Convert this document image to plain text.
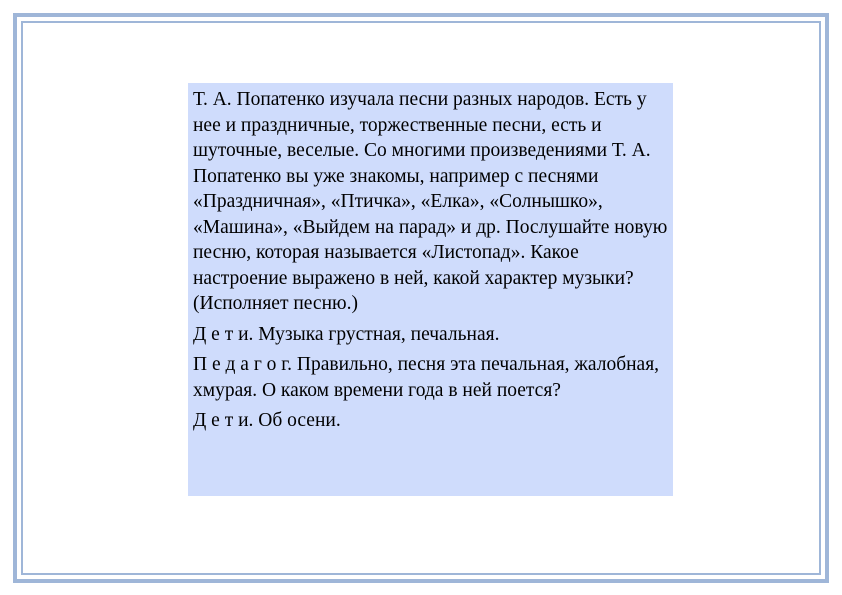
Т. А. Попатенко изучала песни разных народов. Есть у нее и праздничные, торжественные песни, есть и шуточные, веселые. Со многими произведениями Т. А. Попатенко вы уже знакомы, например с песнями «Праздничная», «Птичка», «Елка», «Солнышко», «Машина», «Выйдем на парад» и др. Послушайте новую песню, которая называется «Листопад». Какое настроение выражено в ней, какой характер музыки? (Исполняет песню.)

Д е т и. Музыка грустная, печальная.

П е д а г о г. Правильно, песня эта печальная, жалобная, хмурая. О каком времени года в ней поется?

Д е т и. Об осени.
